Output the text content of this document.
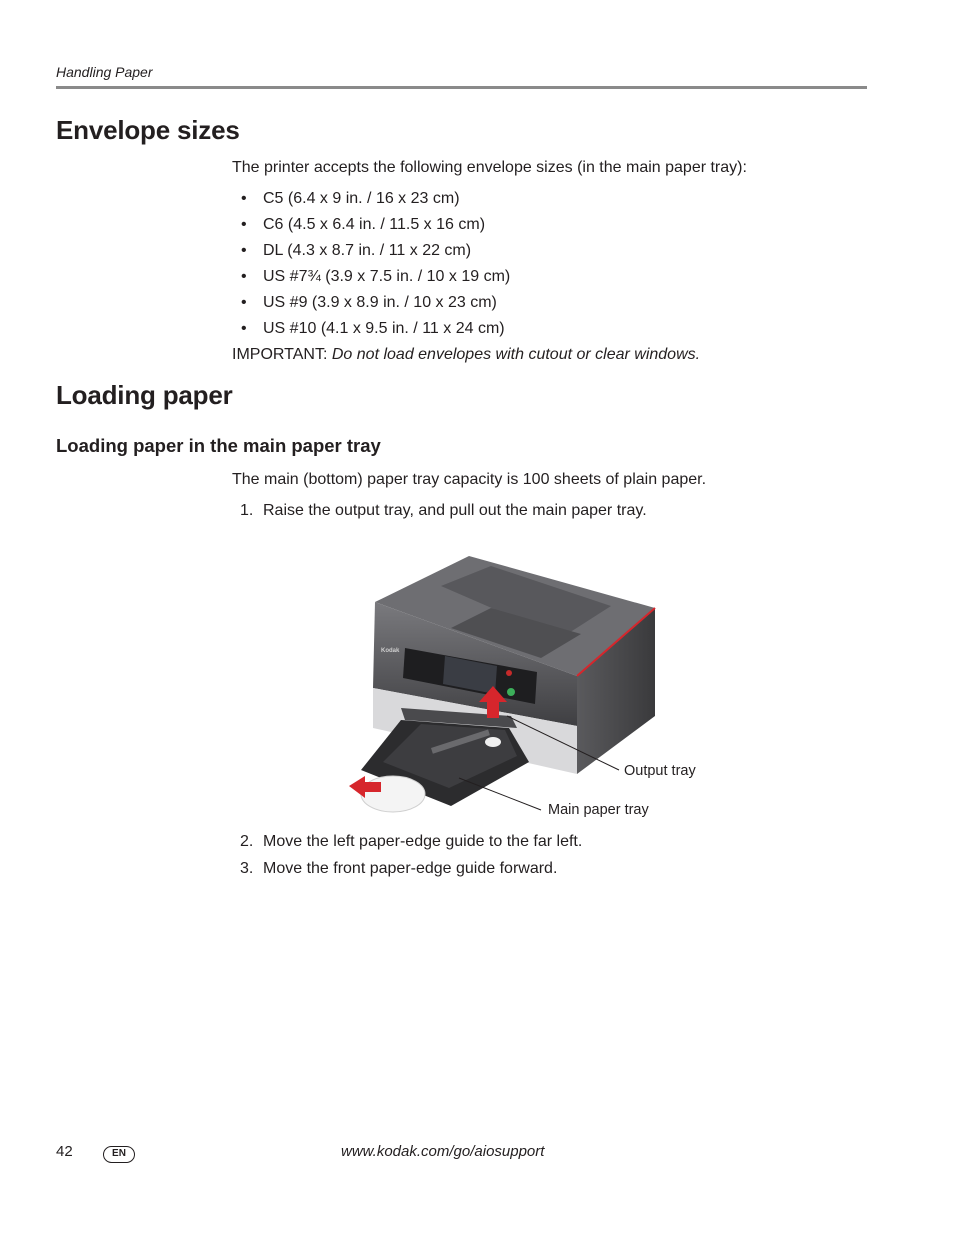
Handling Paper
Envelope sizes
The printer accepts the following envelope sizes (in the main paper tray):
• C5 (6.4 x 9 in. / 16 x 23 cm)
• C6 (4.5 x 6.4 in. / 11.5 x 16 cm)
• DL (4.3 x 8.7 in. / 11 x 22 cm)
• US #7¾ (3.9 x 7.5 in. / 10 x 19 cm)
• US #9 (3.9 x 8.9 in. / 10 x 23 cm)
• US #10 (4.1 x 9.5 in. / 11 x 24 cm)
IMPORTANT: Do not load envelopes with cutout or clear windows.
Loading paper
Loading paper in the main paper tray
The main (bottom) paper tray capacity is 100 sheets of plain paper.
1. Raise the output tray, and pull out the main paper tray.
Kodak
Output tray
Main paper tray
2. Move the left paper-edge guide to the far left.
3. Move the front paper-edge guide forward.
42	EN	www.kodak.com/go/aiosupport
